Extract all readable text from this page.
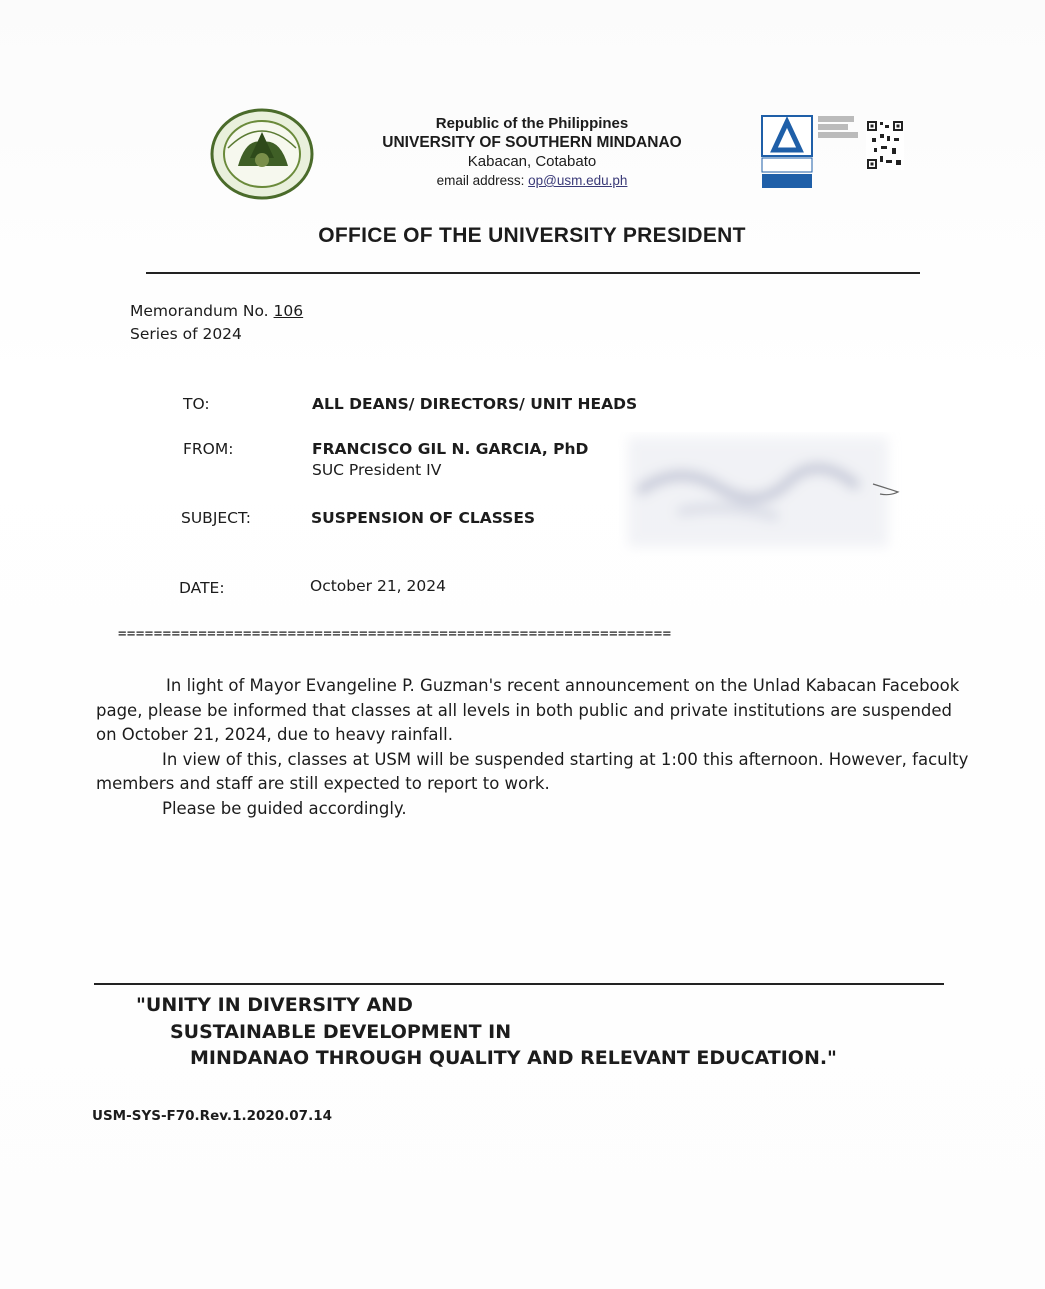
Republic of the Philippines
UNIVERSITY OF SOUTHERN MINDANAO
Kabacan, Cotabato
email address: op@usm.edu.ph
OFFICE OF THE UNIVERSITY PRESIDENT
Memorandum No. 106
Series of 2024
TO:	ALL DEANS/ DIRECTORS/ UNIT HEADS
FROM:	FRANCISCO GIL N. GARCIA, PhD
SUC President IV
SUBJECT:	SUSPENSION OF CLASSES
DATE:	October 21, 2024
==============================================================

In light of Mayor Evangeline P. Guzman's recent announcement on the Unlad Kabacan Facebook page, please be informed that classes at all levels in both public and private institutions are suspended on October 21, 2024, due to heavy rainfall.

In view of this, classes at USM will be suspended starting at 1:00 this afternoon. However, faculty members and staff are still expected to report to work.

Please be guided accordingly.

"UNITY IN DIVERSITY AND
SUSTAINABLE DEVELOPMENT IN
MINDANAO THROUGH QUALITY AND RELEVANT EDUCATION."
USM-SYS-F70.Rev.1.2020.07.14
